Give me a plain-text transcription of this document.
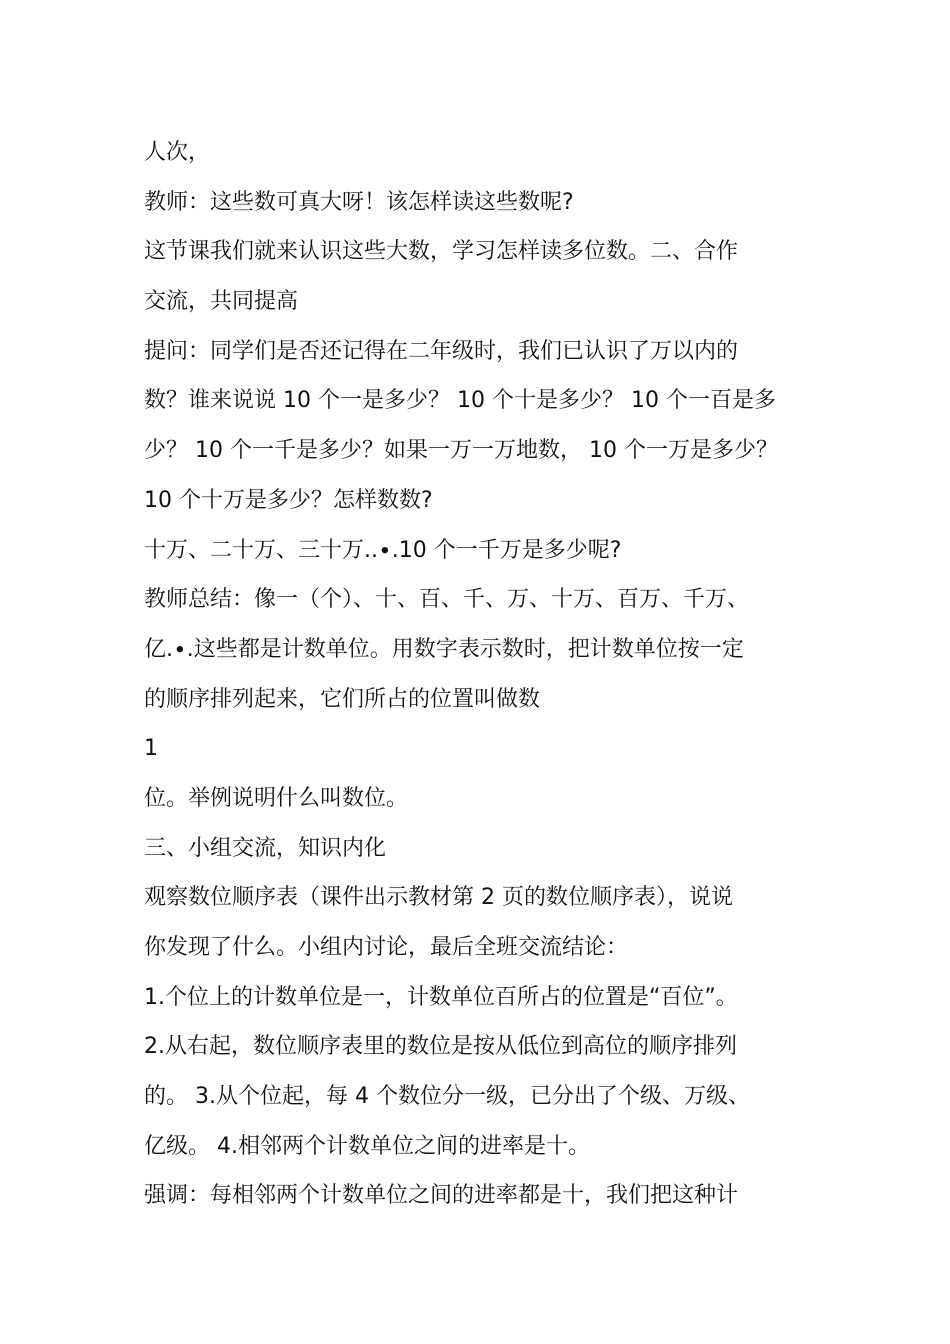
人次，
教师：这些数可真大呀！该怎样读这些数呢?
这节课我们就来认识这些大数，学习怎样读多位数。二、合作
交流，共同提高
提问：同学们是否还记得在二年级时，我们已认识了万以内的
数？谁来说说 10 个一是多少？ 10 个十是多少？ 10 个一百是多
少？ 10 个一千是多少？如果一万一万地数， 10 个一万是多少？
10 个十万是多少？怎样数数?
十万、二十万、三十万..∙.10 个一千万是多少呢?
教师总结：像一（个）、十、百、千、万、十万、百万、千万、
亿.∙.这些都是计数单位。用数字表示数时，把计数单位按一定
的顺序排列起来，它们所占的位置叫做数
1
位。举例说明什么叫数位。
三、小组交流，知识内化
观察数位顺序表（课件出示教材第 2 页的数位顺序表），说说
你发现了什么。小组内讨论，最后全班交流结论：
1.个位上的计数单位是一，计数单位百所占的位置是“百位”。
2.从右起，数位顺序表里的数位是按从低位到高位的顺序排列
的。 3.从个位起，每 4 个数位分一级，已分出了个级、万级、
亿级。 4.相邻两个计数单位之间的进率是十。
强调：每相邻两个计数单位之间的进率都是十，我们把这种计
